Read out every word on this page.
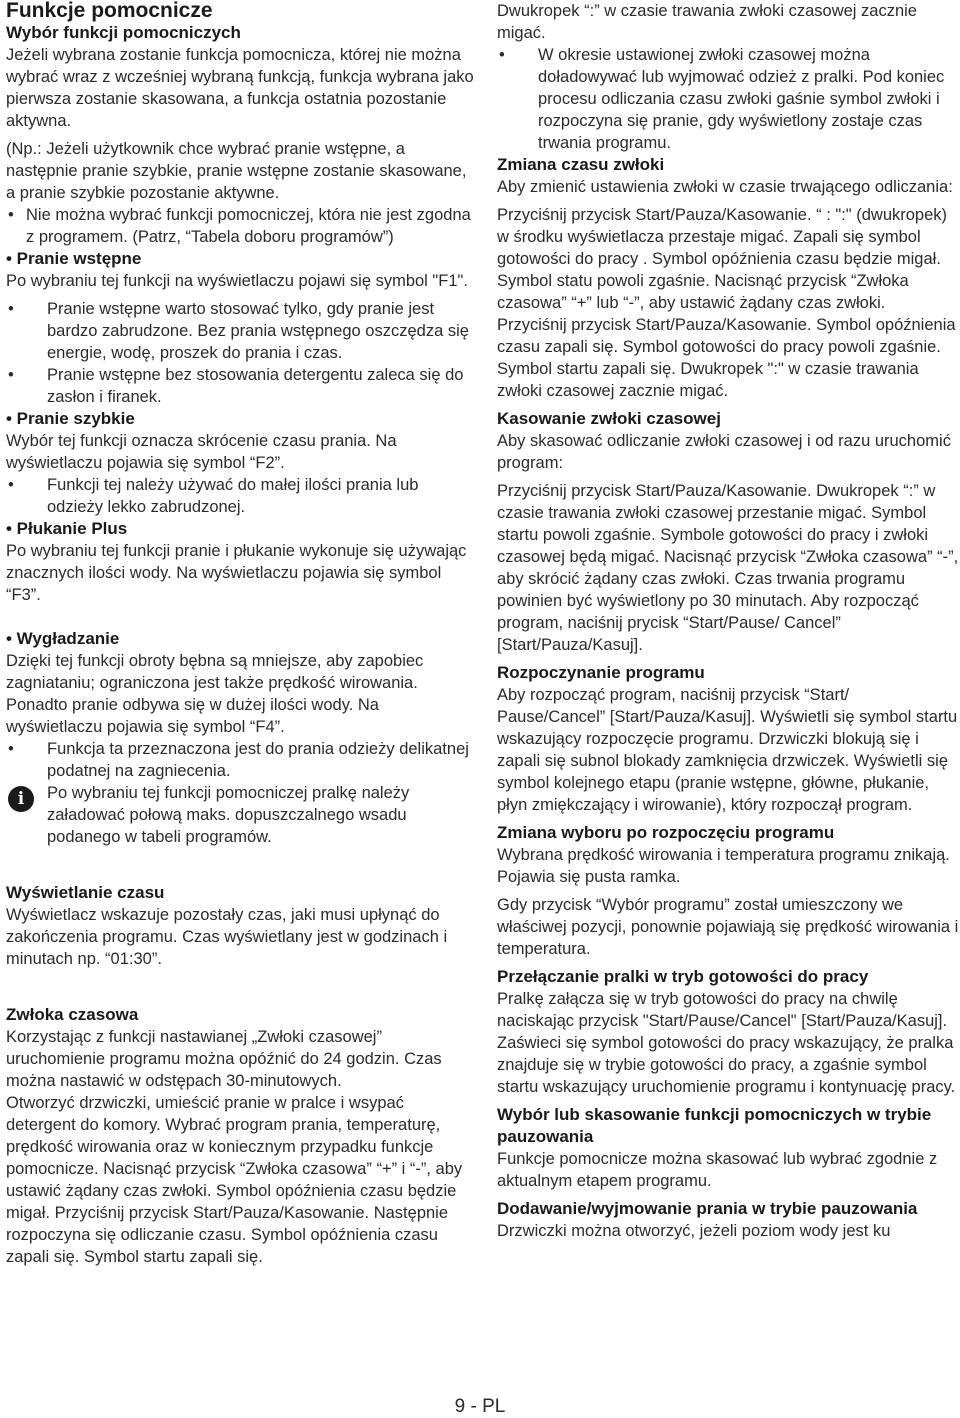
Funkcje pomocnicze

Wybór funkcji pomocniczych

Jeżeli wybrana zostanie funkcja pomocnicza, której nie można wybrać wraz z wcześniej wybraną funkcją, funkcja wybrana jako pierwsza zostanie skasowana, a funkcja ostatnia pozostanie aktywna.

(Np.: Jeżeli użytkownik chce wybrać pranie wstępne, a następnie pranie szybkie, pranie wstępne zostanie skasowane, a pranie szybkie pozostanie aktywne.

• Nie można wybrać funkcji pomocniczej, która nie jest zgodna z programem. (Patrz, “Tabela doboru programów”)

• Pranie wstępne

Po wybraniu tej funkcji na wyświetlaczu pojawi się symbol "F1".

• Pranie wstępne warto stosować tylko, gdy pranie jest bardzo zabrudzone. Bez prania wstępnego oszczędza się energie, wodę, proszek do prania i czas.

• Pranie wstępne bez stosowania detergentu zaleca się do zasłon i firanek.

• Pranie szybkie

Wybór tej funkcji oznacza skrócenie czasu prania. Na wyświetlaczu pojawia się symbol “F2”.

• Funkcji tej należy używać do małej ilości prania lub odzieży lekko zabrudzonej.

• Płukanie Plus

Po wybraniu tej funkcji pranie i płukanie wykonuje się używając znacznych ilości wody. Na wyświetlaczu pojawia się symbol “F3”.

• Wygładzanie

Dzięki tej funkcji obroty bębna są mniejsze, aby zapobiec zagniataniu; ograniczona jest także prędkość wirowania. Ponadto pranie odbywa się w dużej ilości wody. Na wyświetlaczu pojawia się symbol “F4”.

• Funkcja ta przeznaczona jest do prania odzieży delikatnej podatnej na zagniecenia.

i	Po wybraniu tej funkcji pomocniczej pralkę należy załadować połową maks. dopuszczalnego wsadu podanego w tabeli programów.

Wyświetlanie czasu

Wyświetlacz wskazuje pozostały czas, jaki musi upłynąć do zakończenia programu. Czas wyświetlany jest w godzinach i minutach np. “01:30”.

Zwłoka czasowa

Korzystając z funkcji nastawianej „Zwłoki czasowej” uruchomienie programu można opóźnić do 24 godzin. Czas można nastawić w odstępach 30-minutowych.

Otworzyć drzwiczki, umieścić pranie w pralce i wsypać detergent do komory. Wybrać program prania, temperaturę, prędkość wirowania oraz w koniecznym przypadku funkcje pomocnicze. Nacisnąć przycisk “Zwłoka czasowa” “+” i “-”, aby ustawić żądany czas zwłoki. Symbol opóźnienia czasu będzie migał. Przyciśnij przycisk Start/Pauza/Kasowanie. Następnie rozpoczyna się odliczanie czasu. Symbol opóźnienia czasu zapali się. Symbol startu zapali się.

Dwukropek “:” w czasie trawania zwłoki czasowej zacznie migać.

• W okresie ustawionej zwłoki czasowej można doładowywać lub wyjmować odzież z pralki. Pod koniec procesu odliczania czasu zwłoki gaśnie symbol zwłoki i rozpoczyna się pranie, gdy wyświetlony zostaje czas trwania programu.

Zmiana czasu zwłoki

Aby zmienić ustawienia zwłoki w czasie trwającego odliczania:

Przyciśnij przycisk Start/Pauza/Kasowanie. “ : ":" (dwukropek) w środku wyświetlacza przestaje migać. Zapali się symbol gotowości do pracy . Symbol opóźnienia czasu będzie migał. Symbol statu powoli zgaśnie. Nacisnąć przycisk “Zwłoka czasowa” “+” lub “-”, aby ustawić żądany czas zwłoki. Przyciśnij przycisk Start/Pauza/Kasowanie. Symbol opóźnienia czasu zapali się. Symbol gotowości do pracy powoli zgaśnie. Symbol startu zapali się. Dwukropek ":" w czasie trawania zwłoki czasowej zacznie migać.

Kasowanie zwłoki czasowej

Aby skasować odliczanie zwłoki czasowej i od razu uruchomić program:

Przyciśnij przycisk Start/Pauza/Kasowanie. Dwukropek “:” w czasie trawania zwłoki czasowej przestanie migać. Symbol startu powoli zgaśnie. Symbole gotowości do pracy i zwłoki czasowej będą migać. Nacisnąć przycisk “Zwłoka czasowa” “-”, aby skrócić żądany czas zwłoki. Czas trwania programu powinien być wyświetlony po 30 minutach. Aby rozpocząć program, naciśnij prycisk “Start/Pause/ Cancel” [Start/Pauza/Kasuj].

Rozpoczynanie programu

Aby rozpocząć program, naciśnij przycisk “Start/ Pause/Cancel” [Start/Pauza/Kasuj]. Wyświetli się symbol startu wskazujący rozpoczęcie programu. Drzwiczki blokują się i zapali się subnol blokady zamknięcia drzwiczek. Wyświetli się symbol kolejnego etapu (pranie wstępne, główne, płukanie, płyn zmiękczający i wirowanie), który rozpoczął program.

Zmiana wyboru po rozpoczęciu programu

Wybrana prędkość wirowania i temperatura programu znikają. Pojawia się pusta ramka.

Gdy przycisk “Wybór programu” został umieszczony we właściwej pozycji, ponownie pojawiają się prędkość wirowania i temperatura.

Przełączanie pralki w tryb gotowości do pracy

Pralkę załącza się w tryb gotowości do pracy na chwilę naciskając przycisk "Start/Pause/Cancel" [Start/Pauza/Kasuj]. Zaświeci się symbol gotowości do pracy wskazujący, że pralka znajduje się w trybie gotowości do pracy, a zgaśnie symbol startu wskazujący uruchomienie programu i kontynuację pracy.

Wybór lub skasowanie funkcji pomocniczych w trybie pauzowania

Funkcje pomocnicze można skasować lub wybrać zgodnie z aktualnym etapem programu.

Dodawanie/wyjmowanie prania w trybie pauzowania

Drzwiczki można otworzyć, jeżeli poziom wody jest ku

9 - PL
